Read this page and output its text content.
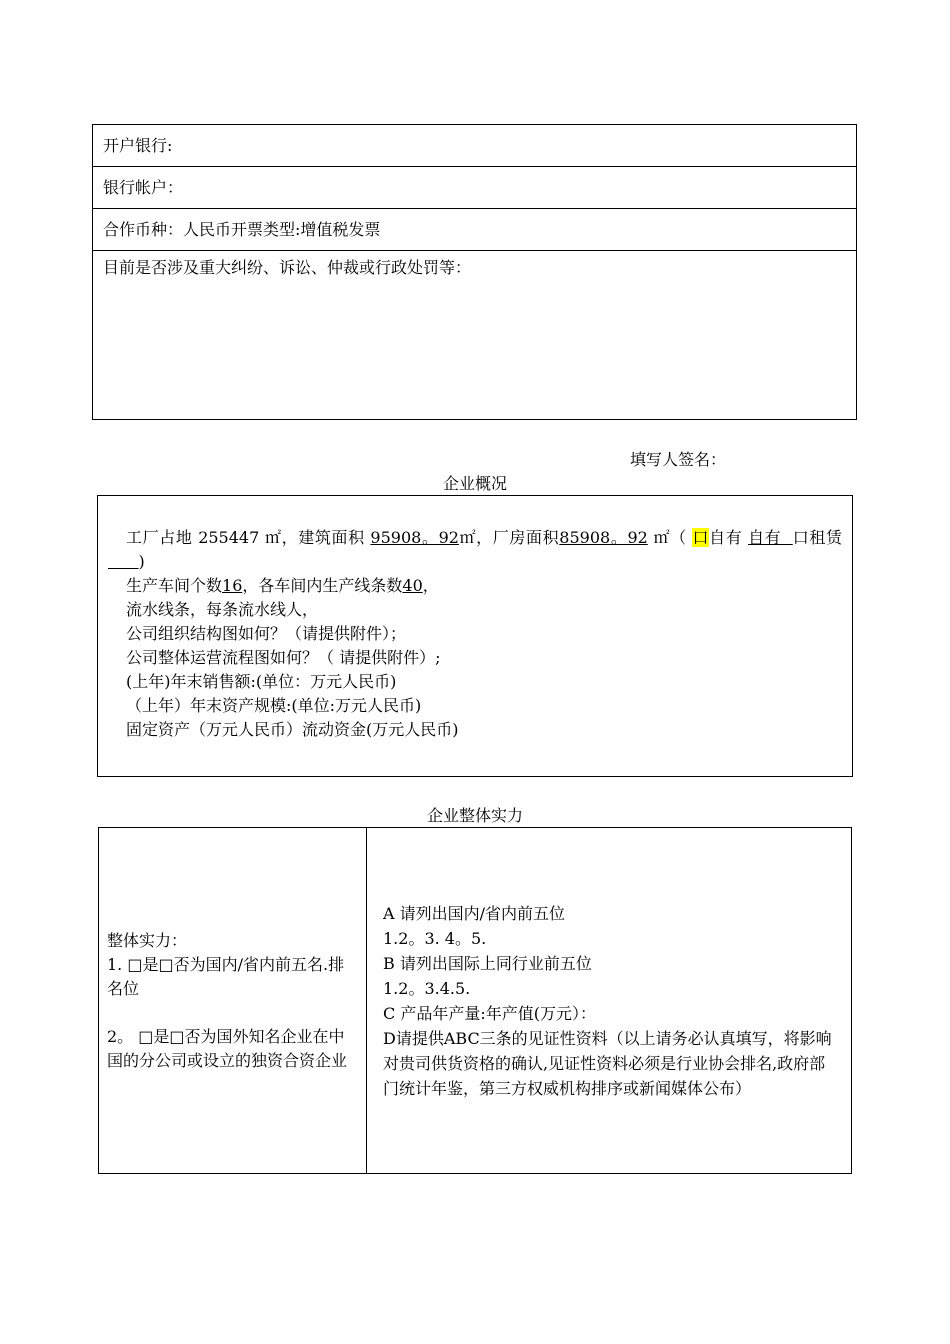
开户银行:
银行帐户：
合作币种：人民币开票类型:增值税发票
目前是否涉及重大纠纷、诉讼、仲裁或行政处罚等：
填写人签名：
企业概况
工厂占地 255447 ㎡，建筑面积 95908。92㎡，厂房面积85908。92 ㎡（ 口自有 自有  口租赁      )
生产车间个数16，各车间内生产线条数40，
流水线条，每条流水线人，
公司组织结构图如何？（请提供附件）；
公司整体运营流程图如何？（ 请提供附件）;
(上年)年末销售额:(单位：万元人民币)
（上年）年末资产规模:(单位:万元人民币)
固定资产（万元人民币）流动资金(万元人民币)
企业整体实力
整体实力：
1. □是□否为国内/省内前五名.排名位
2。 □是□否为国外知名企业在中国的分公司或设立的独资合资企业
A 请列出国内/省内前五位
1.2。3. 4。5.
B 请列出国际上同行业前五位
1.2。3.4.5.
C 产品年产量:年产值(万元）：
D请提供ABC三条的见证性资料（以上请务必认真填写，将影响对贵司供货资格的确认,见证性资料必须是行业协会排名,政府部门统计年鉴，第三方权威机构排序或新闻媒体公布）
